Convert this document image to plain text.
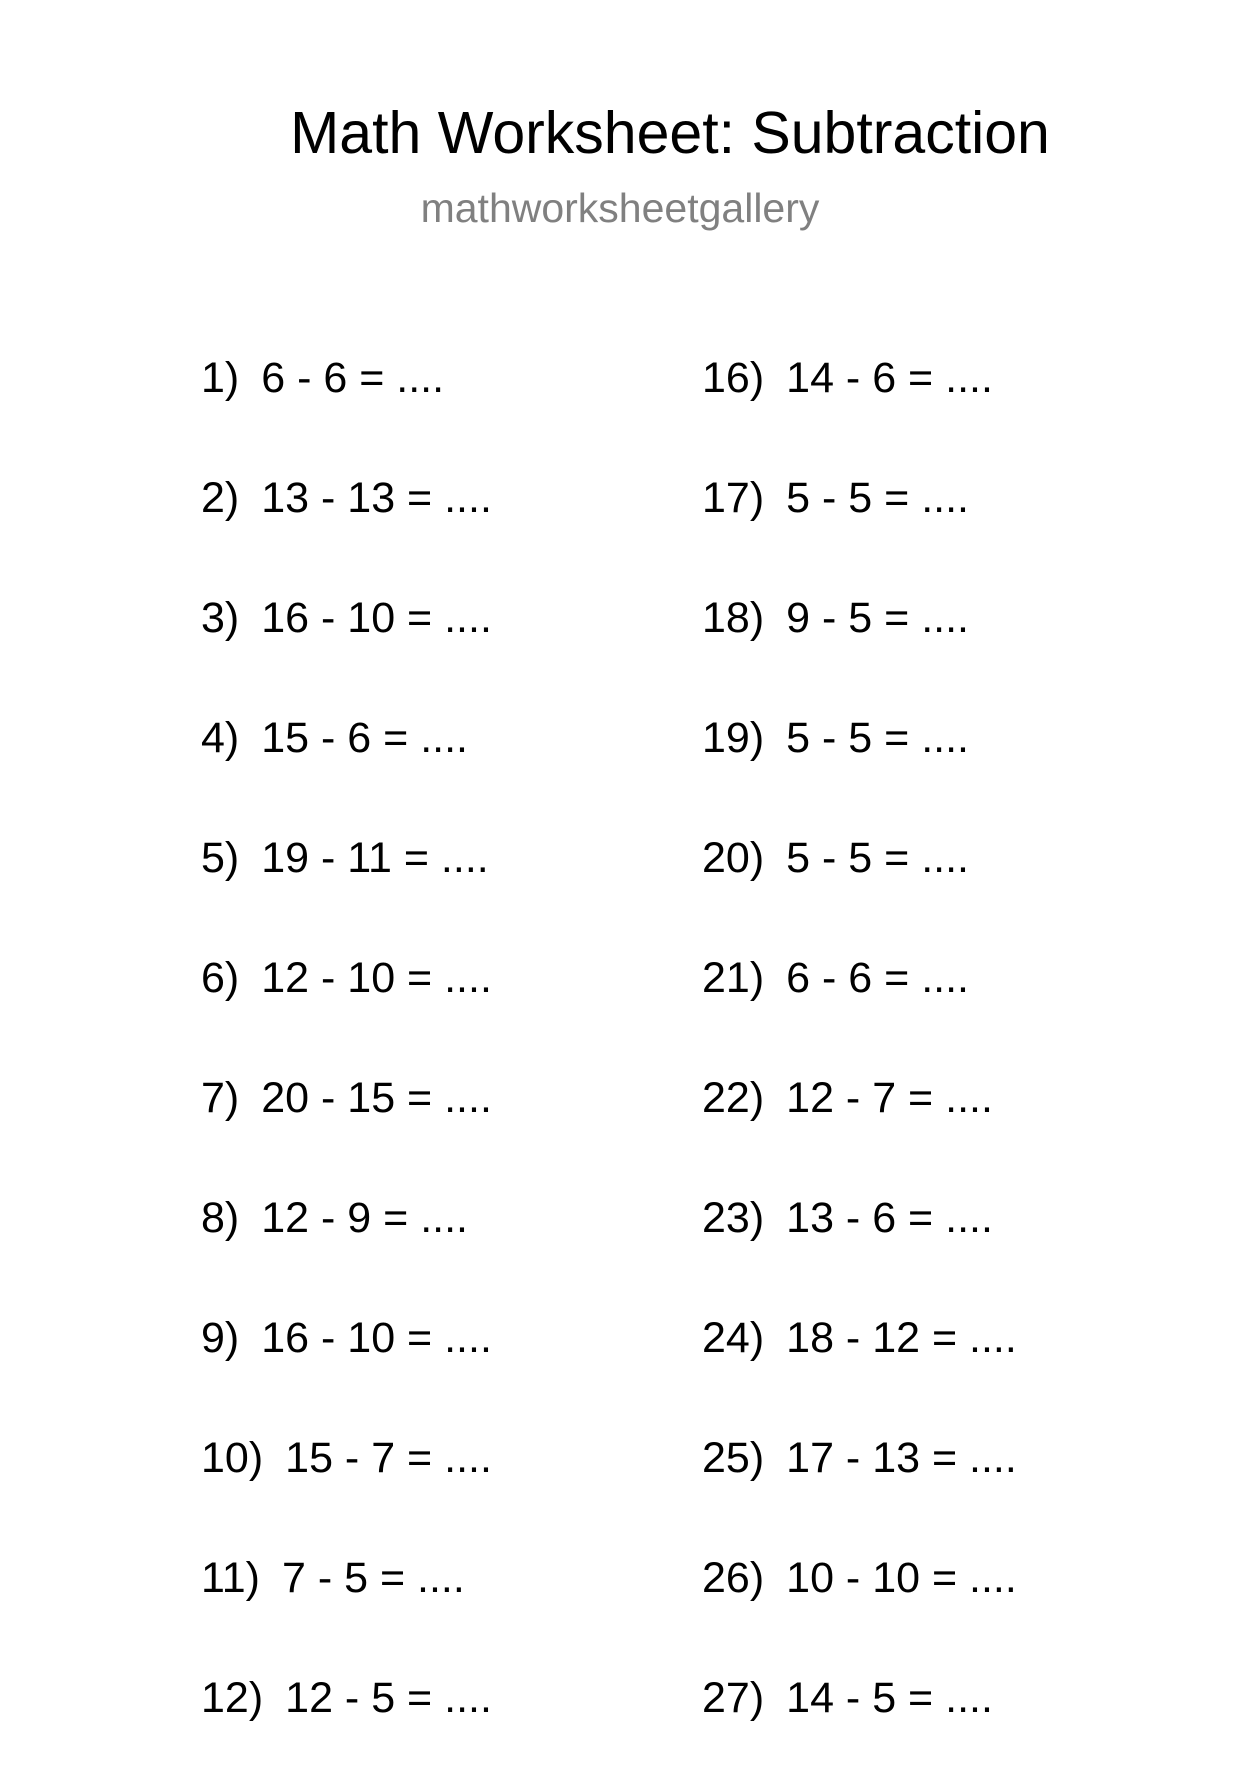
Math Worksheet: Subtraction
mathworksheetgallery
1) 6 - 6 = ....
2) 13 - 13 = ....
3) 16 - 10 = ....
4) 15 - 6 = ....
5) 19 - 11 = ....
6) 12 - 10 = ....
7) 20 - 15 = ....
8) 12 - 9 = ....
9) 16 - 10 = ....
10) 15 - 7 = ....
11) 7 - 5 = ....
12) 12 - 5 = ....
16) 14 - 6 = ....
17) 5 - 5 = ....
18) 9 - 5 = ....
19) 5 - 5 = ....
20) 5 - 5 = ....
21) 6 - 6 = ....
22) 12 - 7 = ....
23) 13 - 6 = ....
24) 18 - 12 = ....
25) 17 - 13 = ....
26) 10 - 10 = ....
27) 14 - 5 = ....
